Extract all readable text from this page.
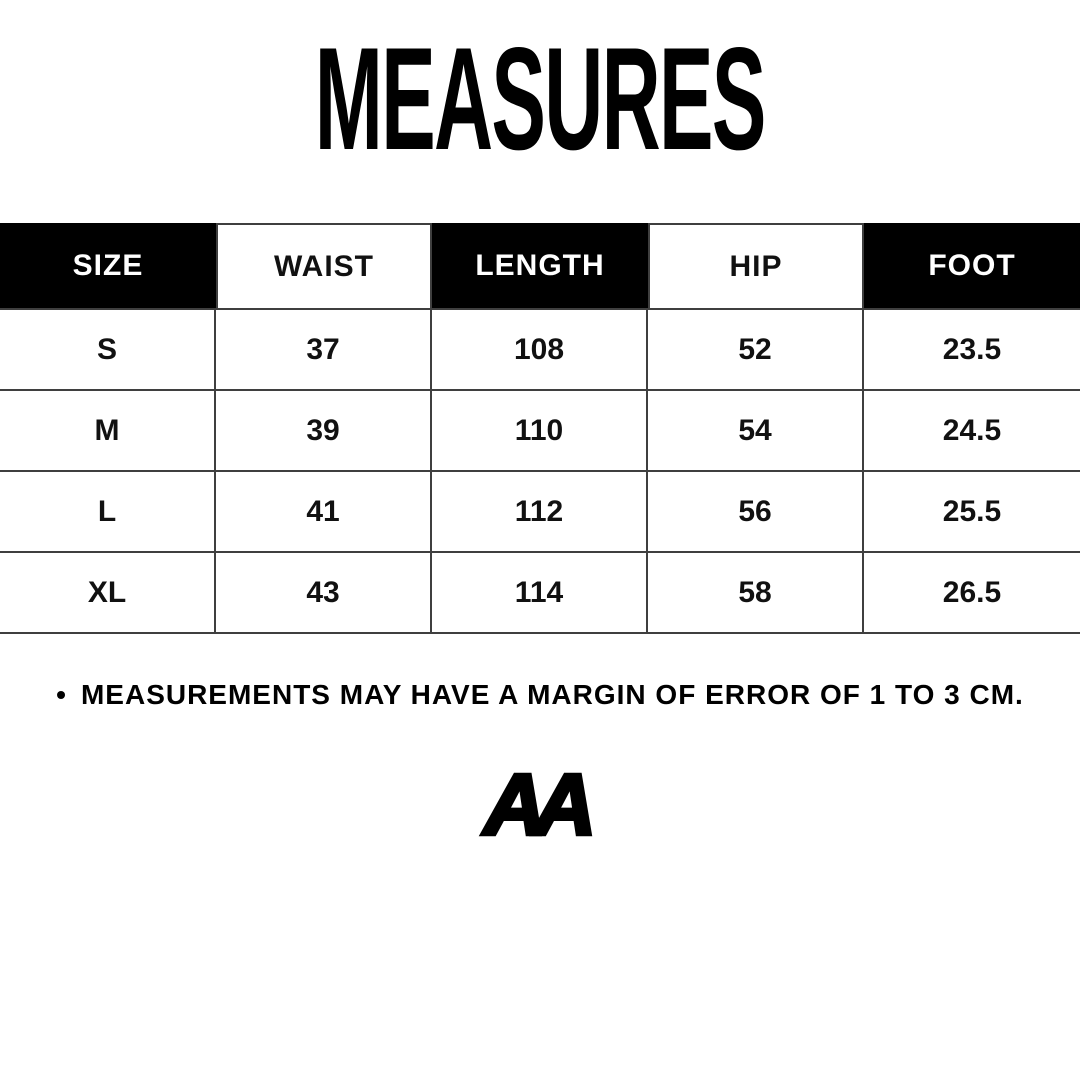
MEASURES
SIZE	WAIST	LENGTH	HIP	FOOT
S	37	108	52	23.5
M	39	110	54	24.5
L	41	112	56	25.5
XL	43	114	58	26.5
• MEASUREMENTS MAY HAVE A MARGIN OF ERROR OF 1 TO 3 CM.
AA
